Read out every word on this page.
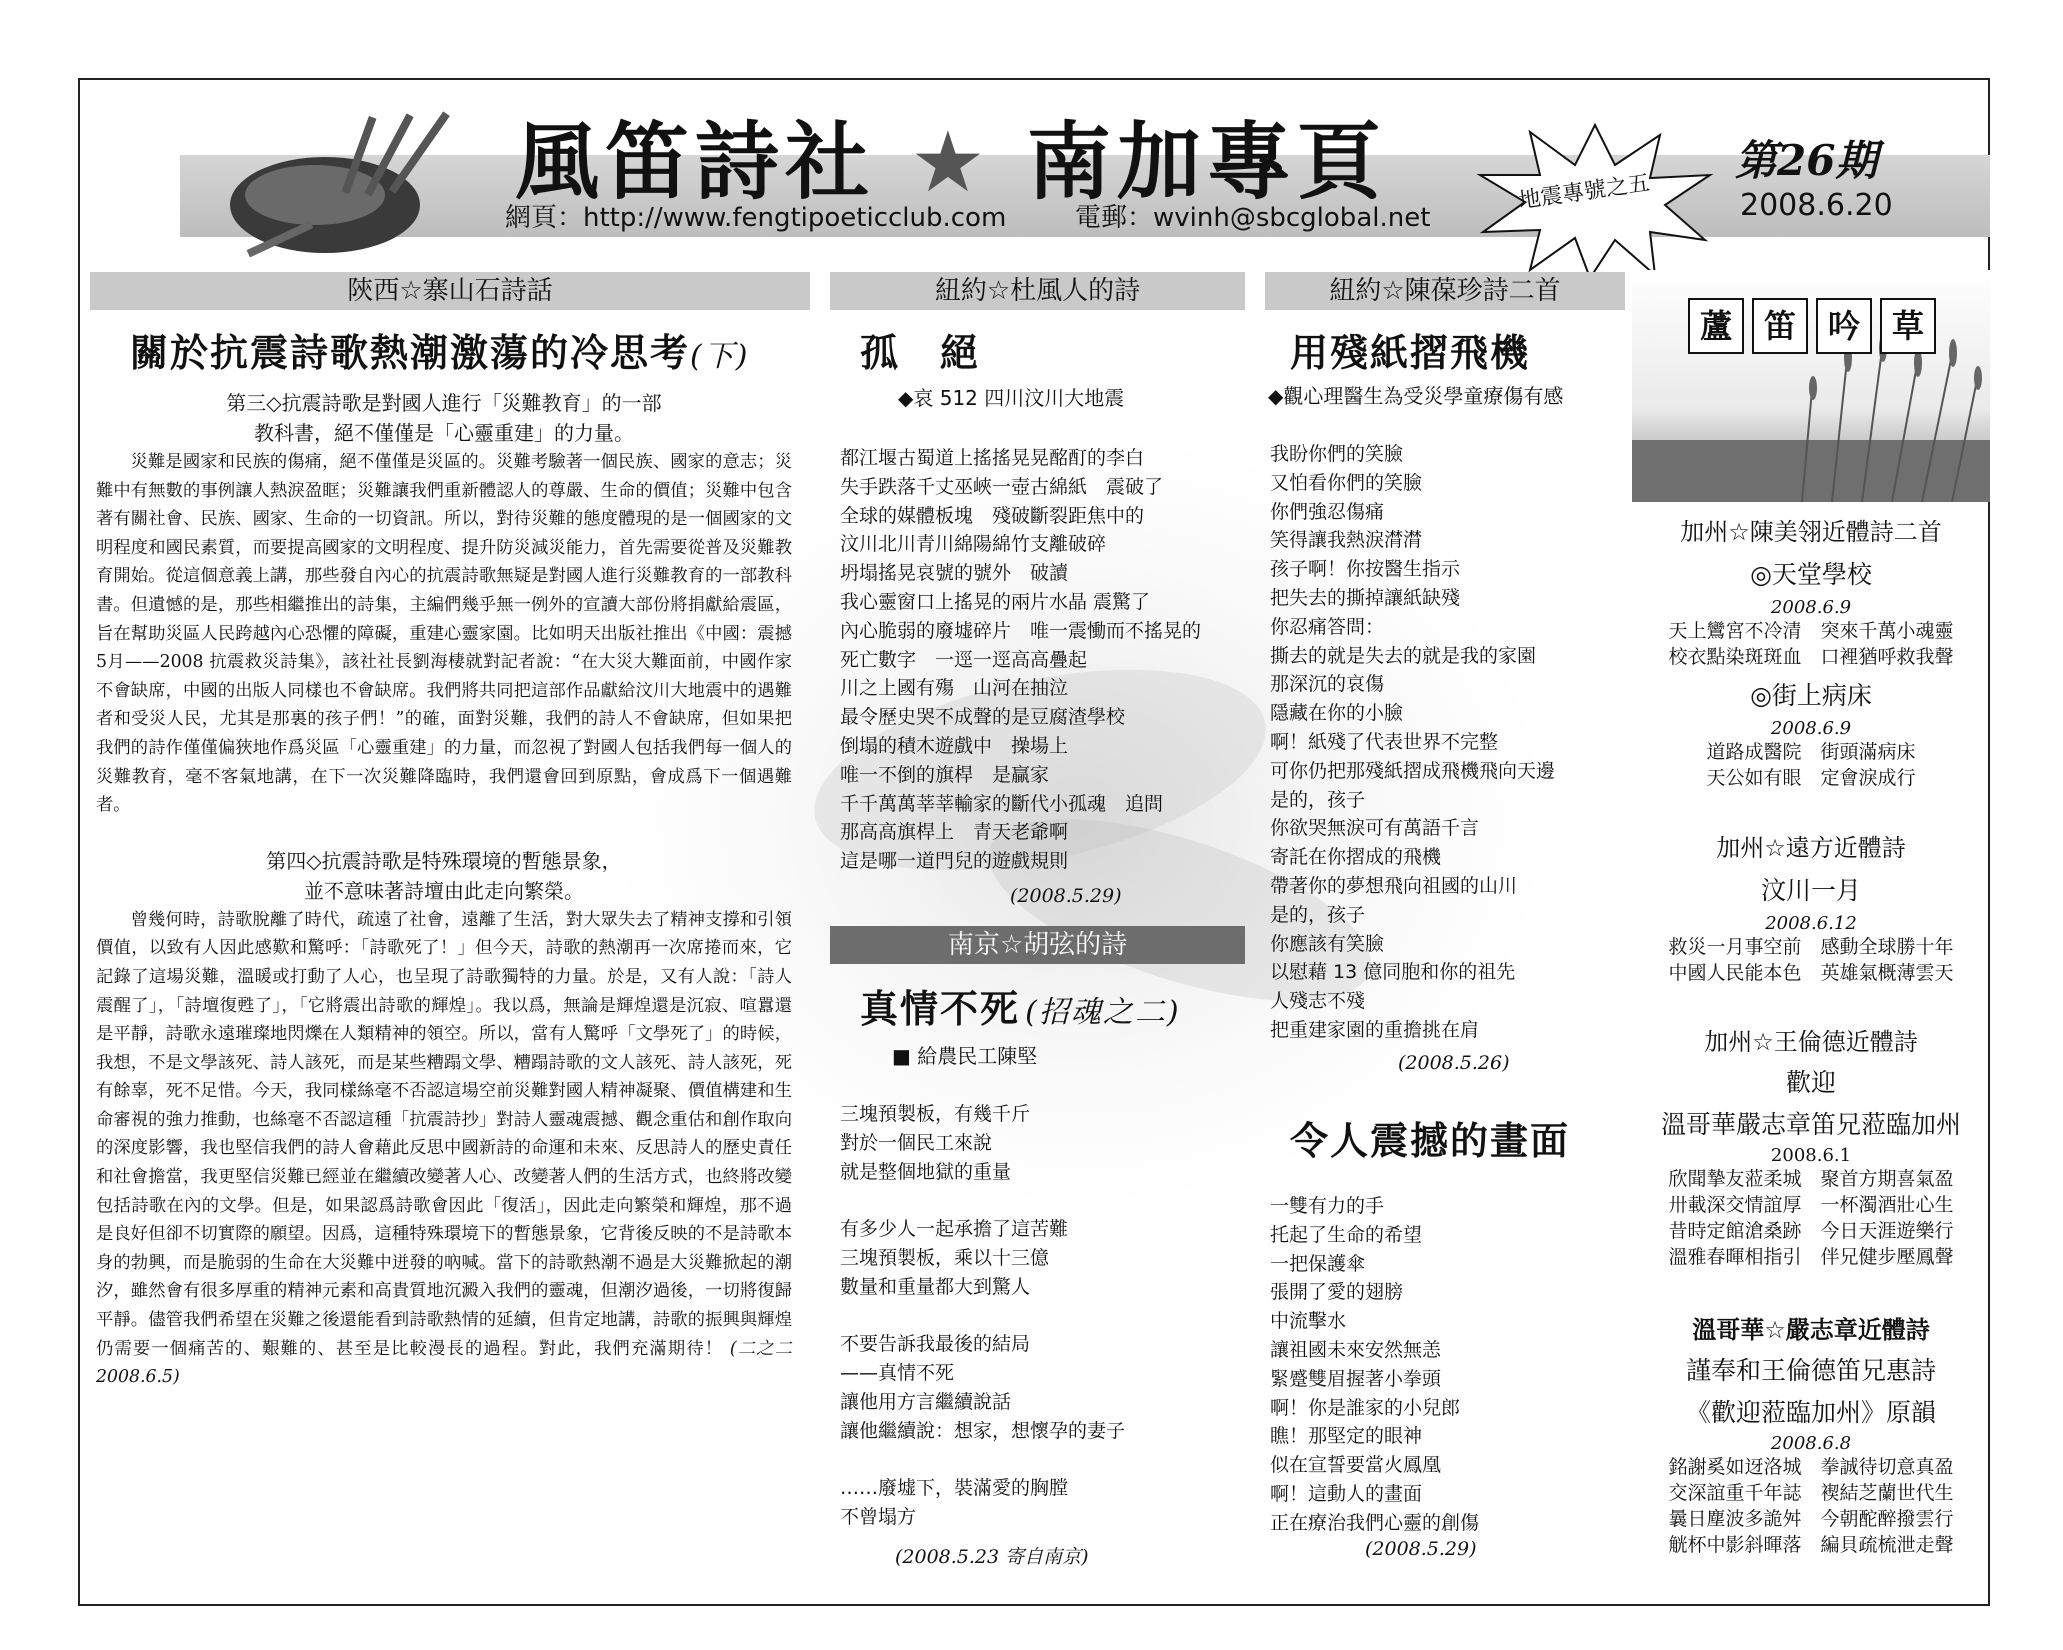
風笛詩社 ★ 南加專頁
網頁：http://www.fengtipoeticclub.com	電郵：wvinh@sbcglobal.net
地震專號之五
第26期
2008.6.20
陝西☆寨山石詩話
關於抗震詩歌熱潮激蕩的冷思考(下)

第三◇抗震詩歌是對國人進行「災難教育」的一部

教科書，絕不僅僅是「心靈重建」的力量。

災難是國家和民族的傷痛，絕不僅僅是災區的。災難考驗著一個民族、國家的意志；災難中有無數的事例讓人熱淚盈眶；災難讓我們重新體認人的尊嚴、生命的價值；災難中包含著有關社會、民族、國家、生命的一切資訊。所以，對待災難的態度體現的是一個國家的文明程度和國民素質，而要提高國家的文明程度、提升防災減災能力，首先需要從普及災難教育開始。從這個意義上講，那些發自內心的抗震詩歌無疑是對國人進行災難教育的一部教科書。但遺憾的是，那些相繼推出的詩集，主編們幾乎無一例外的宣讀大部份將捐獻給震區，旨在幫助災區人民跨越內心恐懼的障礙，重建心靈家園。比如明天出版社推出《中國：震撼 5月——2008 抗震救災詩集》，該社社長劉海棲就對記者說：“在大災大難面前，中國作家不會缺席，中國的出版人同樣也不會缺席。我們將共同把這部作品獻給汶川大地震中的遇難者和受災人民，尤其是那裏的孩子們！”的確，面對災難，我們的詩人不會缺席，但如果把我們的詩作僅僅偏狹地作爲災區「心靈重建」的力量，而忽視了對國人包括我們每一個人的災難教育，毫不客氣地講，在下一次災難降臨時，我們還會回到原點，會成爲下一個遇難者。

第四◇抗震詩歌是特殊環境的暫態景象，

並不意味著詩壇由此走向繁榮。

曾幾何時，詩歌脫離了時代，疏遠了社會，遠離了生活，對大眾失去了精神支撐和引領價值，以致有人因此感歎和驚呼：「詩歌死了！」但今天，詩歌的熱潮再一次席捲而來，它記錄了這場災難，溫暖或打動了人心，也呈現了詩歌獨特的力量。於是，又有人說：「詩人震醒了」，「詩壇復甦了」，「它將震出詩歌的輝煌」。我以爲，無論是輝煌還是沉寂、喧囂還是平靜，詩歌永遠璀璨地閃爍在人類精神的領空。所以，當有人驚呼「文學死了」的時候，我想，不是文學該死、詩人該死，而是某些糟蹋文學、糟蹋詩歌的文人該死、詩人該死，死有餘辜，死不足惜。今天，我同樣絲毫不否認這場空前災難對國人精神凝聚、價值構建和生命審視的強力推動，也絲毫不否認這種「抗震詩抄」對詩人靈魂震撼、觀念重估和創作取向的深度影響，我也堅信我們的詩人會藉此反思中國新詩的命運和未來、反思詩人的歷史責任和社會擔當，我更堅信災難已經並在繼續改變著人心、改變著人們的生活方式，也終將改變包括詩歌在內的文學。但是，如果認爲詩歌會因此「復活」，因此走向繁榮和輝煌，那不過是良好但卻不切實際的願望。因爲，這種特殊環境下的暫態景象，它背後反映的不是詩歌本身的勃興，而是脆弱的生命在大災難中迸發的吶喊。當下的詩歌熱潮不過是大災難掀起的潮汐，雖然會有很多厚重的精神元素和高貴質地沉澱入我們的靈魂，但潮汐過後，一切將復歸平靜。儘管我們希望在災難之後還能看到詩歌熱情的延續，但肯定地講，詩歌的振興與輝煌仍需要一個痛苦的、艱難的、甚至是比較漫長的過程。對此，我們充滿期待！ (二之二　2008.6.5)

紐約☆杜風人的詩
孤　絕
◆哀 512 四川汶川大地震
都江堰古蜀道上搖搖晃晃酩酊的李白
失手跌落千丈巫峽一壺古綿紙　震破了
全球的媒體板塊　殘破斷裂距焦中的
汶川北川青川綿陽綿竹支離破碎
坍塌搖晃哀號的號外　破讀
我心靈窗口上搖晃的兩片水晶 震驚了
內心脆弱的廢墟碎片　唯一震慟而不搖晃的
死亡數字　一逕一逕高高疊起
川之上國有殤　山河在抽泣
最令歷史哭不成聲的是豆腐渣學校
倒塌的積木遊戲中　操場上
唯一不倒的旗桿　是贏家
千千萬萬莘莘輸家的斷代小孤魂　追問
那高高旗桿上　青天老爺啊
這是哪一道門兒的遊戲規則
(2008.5.29)
南京☆胡弦的詩
真情不死 (招魂之二)
■ 給農民工陳堅
三塊預製板，有幾千斤
對於一個民工來說
就是整個地獄的重量

有多少人一起承擔了這苦難
三塊預製板，乘以十三億
數量和重量都大到驚人

不要告訴我最後的結局
——真情不死
讓他用方言繼續說話
讓他繼續說：想家，想懷孕的妻子

……廢墟下，裝滿愛的胸膛
不曾塌方
(2008.5.23 寄自南京)
紐約☆陳葆珍詩二首
用殘紙摺飛機
◆觀心理醫生為受災學童療傷有感
我盼你們的笑臉
又怕看你們的笑臉
你們強忍傷痛
笑得讓我熱淚潸潸
孩子啊！你按醫生指示
把失去的撕掉讓紙缺殘
你忍痛答問：
撕去的就是失去的就是我的家園
那深沉的哀傷
隱藏在你的小臉
啊！紙殘了代表世界不完整
可你仍把那殘紙摺成飛機飛向天邊
是的，孩子
你欲哭無淚可有萬語千言
寄託在你摺成的飛機
帶著你的夢想飛向祖國的山川
是的，孩子
你應該有笑臉
以慰藉 13 億同胞和你的祖先
人殘志不殘
把重建家園的重擔挑在肩
(2008.5.26)
令人震撼的畫面
一雙有力的手
托起了生命的希望
一把保護傘
張開了愛的翅膀
中流擊水
讓祖國未來安然無恙
緊蹙雙眉握著小拳頭
啊！你是誰家的小兒郎
瞧！那堅定的眼神
似在宣誓要當火鳳凰
啊！這動人的畫面
正在療治我們心靈的創傷
(2008.5.29)
蘆 笛 吟 草
加州☆陳美翎近體詩二首
◎天堂學校
2008.6.9
天上鸞宮不冷清　突來千萬小魂靈
校衣點染斑斑血　口裡猶呼救我聲
◎街上病床
2008.6.9
道路成醫院　街頭滿病床
天公如有眼　定會淚成行
加州☆遠方近體詩
汶川一月
2008.6.12
救災一月事空前　感動全球勝十年
中國人民能本色　英雄氣概薄雲天
加州☆王倫德近體詩
歡迎
溫哥華嚴志章笛兄蒞臨加州
2008.6.1
欣聞摯友蒞柔城　聚首方期喜氣盈
卅載深交情誼厚　一杯濁酒壯心生
昔時定館滄桑跡　今日天涯遊樂行
溫雅春暉相指引　伴兄健步壓鳳聲
溫哥華☆嚴志章近體詩
謹奉和王倫德笛兄惠詩
《歡迎蒞臨加州》原韻
2008.6.8
銘謝奚如迓洛城　拳誠待切意真盈
交深誼重千年誌　褉結芝蘭世代生
曩日塵波多詭舛　今朝酡醉撥雲行
觥杯中影斜暉落　編貝疏梳泄走聲
